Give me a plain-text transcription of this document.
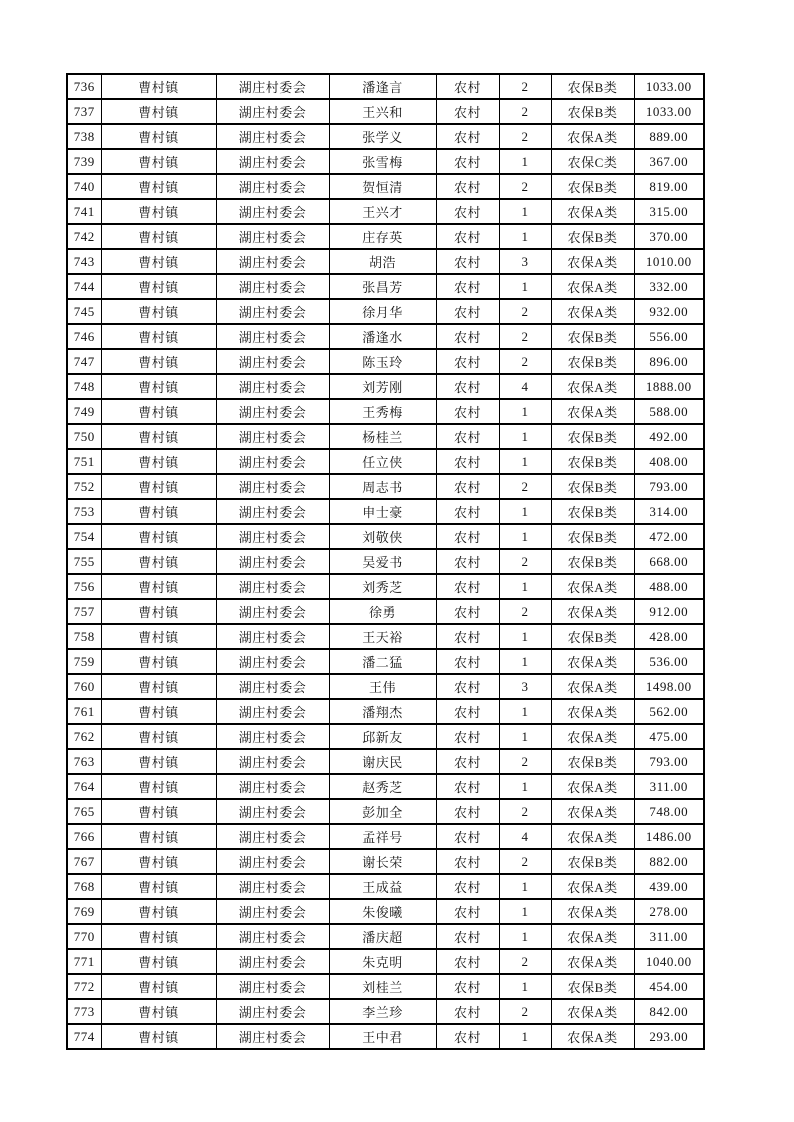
736	曹村镇	湖庄村委会	潘逢言	农村	2	农保B类	1033.00
737	曹村镇	湖庄村委会	王兴和	农村	2	农保B类	1033.00
738	曹村镇	湖庄村委会	张学义	农村	2	农保A类	889.00
739	曹村镇	湖庄村委会	张雪梅	农村	1	农保C类	367.00
740	曹村镇	湖庄村委会	贺恒清	农村	2	农保B类	819.00
741	曹村镇	湖庄村委会	王兴才	农村	1	农保A类	315.00
742	曹村镇	湖庄村委会	庄存英	农村	1	农保B类	370.00
743	曹村镇	湖庄村委会	胡浩	农村	3	农保A类	1010.00
744	曹村镇	湖庄村委会	张昌芳	农村	1	农保A类	332.00
745	曹村镇	湖庄村委会	徐月华	农村	2	农保A类	932.00
746	曹村镇	湖庄村委会	潘逢水	农村	2	农保B类	556.00
747	曹村镇	湖庄村委会	陈玉玲	农村	2	农保B类	896.00
748	曹村镇	湖庄村委会	刘芳刚	农村	4	农保A类	1888.00
749	曹村镇	湖庄村委会	王秀梅	农村	1	农保A类	588.00
750	曹村镇	湖庄村委会	杨桂兰	农村	1	农保B类	492.00
751	曹村镇	湖庄村委会	任立侠	农村	1	农保B类	408.00
752	曹村镇	湖庄村委会	周志书	农村	2	农保B类	793.00
753	曹村镇	湖庄村委会	申士豪	农村	1	农保B类	314.00
754	曹村镇	湖庄村委会	刘敬侠	农村	1	农保B类	472.00
755	曹村镇	湖庄村委会	吴爱书	农村	2	农保B类	668.00
756	曹村镇	湖庄村委会	刘秀芝	农村	1	农保A类	488.00
757	曹村镇	湖庄村委会	徐勇	农村	2	农保A类	912.00
758	曹村镇	湖庄村委会	王天裕	农村	1	农保B类	428.00
759	曹村镇	湖庄村委会	潘二猛	农村	1	农保A类	536.00
760	曹村镇	湖庄村委会	王伟	农村	3	农保A类	1498.00
761	曹村镇	湖庄村委会	潘翔杰	农村	1	农保A类	562.00
762	曹村镇	湖庄村委会	邱新友	农村	1	农保A类	475.00
763	曹村镇	湖庄村委会	谢庆民	农村	2	农保B类	793.00
764	曹村镇	湖庄村委会	赵秀芝	农村	1	农保A类	311.00
765	曹村镇	湖庄村委会	彭加全	农村	2	农保A类	748.00
766	曹村镇	湖庄村委会	孟祥号	农村	4	农保A类	1486.00
767	曹村镇	湖庄村委会	谢长荣	农村	2	农保B类	882.00
768	曹村镇	湖庄村委会	王成益	农村	1	农保A类	439.00
769	曹村镇	湖庄村委会	朱俊曦	农村	1	农保A类	278.00
770	曹村镇	湖庄村委会	潘庆超	农村	1	农保A类	311.00
771	曹村镇	湖庄村委会	朱克明	农村	2	农保A类	1040.00
772	曹村镇	湖庄村委会	刘桂兰	农村	1	农保B类	454.00
773	曹村镇	湖庄村委会	李兰珍	农村	2	农保A类	842.00
774	曹村镇	湖庄村委会	王中君	农村	1	农保A类	293.00
